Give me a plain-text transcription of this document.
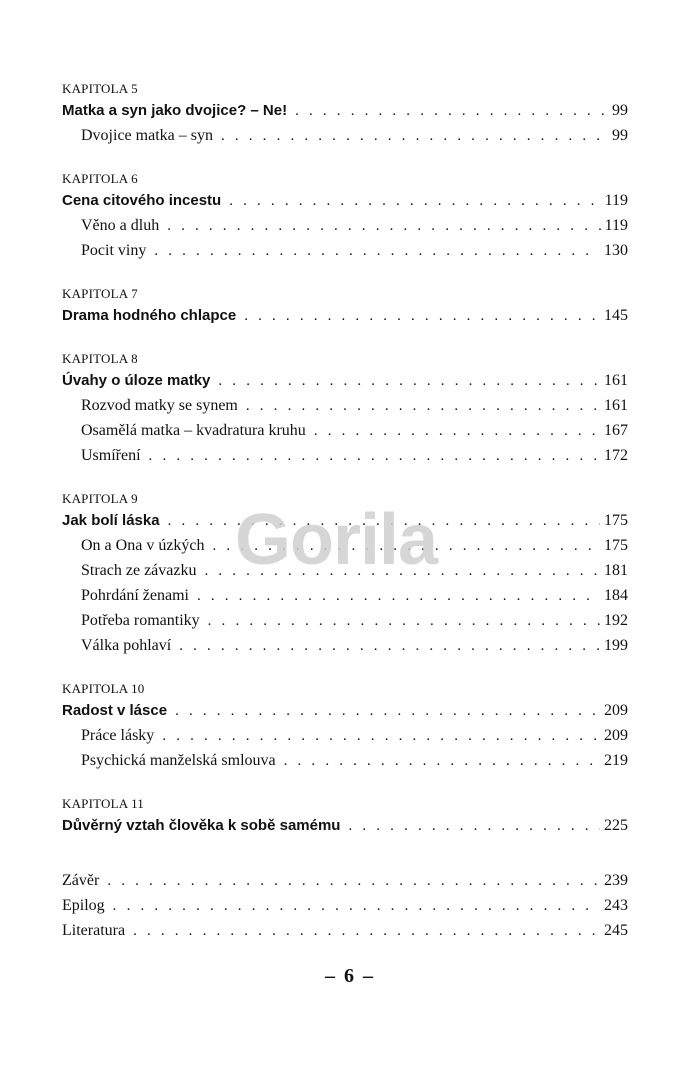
KAPITOLA 5
Matka a syn jako dvojice? – Ne! . . .	99
Dvojice matka – syn . . .	99
KAPITOLA 6
Cena citového incestu . . .	119
Věno a dluh . . .	119
Pocit viny . . .	130
KAPITOLA 7
Drama hodného chlapce . . .	145
KAPITOLA 8
Úvahy o úloze matky . . .	161
Rozvod matky se synem . . .	161
Osamělá matka – kvadratura kruhu . . .	167
Usmíření . . .	172
KAPITOLA 9
Jak bolí láska . . .	175
On a Ona v úzkých . . .	175
Strach ze závazku . . .	181
Pohrdání ženami . . .	184
Potřeba romantiky . . .	192
Válka pohlaví . . .	199
KAPITOLA 10
Radost v lásce . . .	209
Práce lásky . . .	209
Psychická manželská smlouva . . .	219
KAPITOLA 11
Důvěrný vztah člověka k sobě samému . . .	225
Závěr . . .	239
Epilog . . .	243
Literatura . . .	245
Gorila
– 6 –
